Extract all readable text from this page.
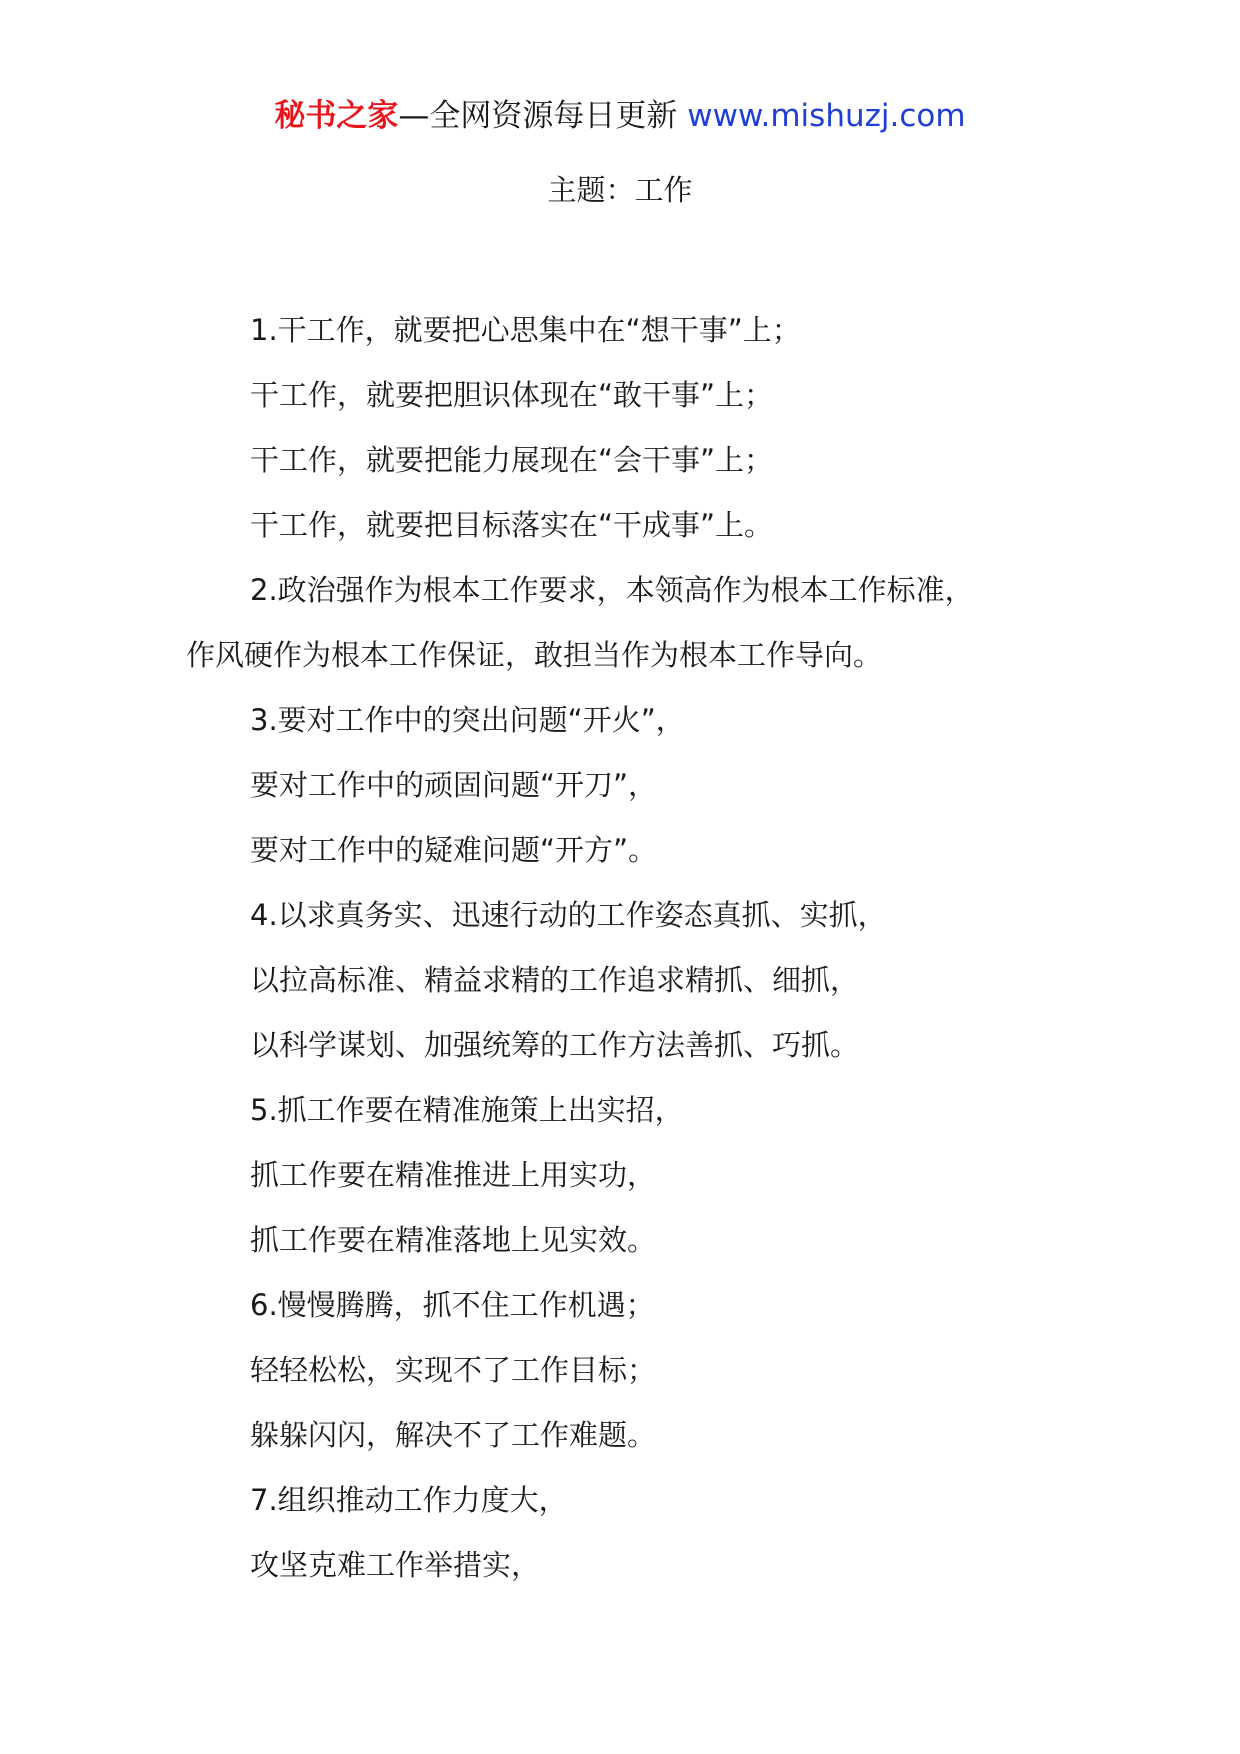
秘书之家—全网资源每日更新 www.mishuzj.com
主题：工作
1.干工作，就要把心思集中在“想干事”上；
干工作，就要把胆识体现在“敢干事”上；
干工作，就要把能力展现在“会干事”上；
干工作，就要把目标落实在“干成事”上。
2.政治强作为根本工作要求，本领高作为根本工作标准，
作风硬作为根本工作保证，敢担当作为根本工作导向。
3.要对工作中的突出问题“开火”，
要对工作中的顽固问题“开刀”，
要对工作中的疑难问题“开方”。
4.以求真务实、迅速行动的工作姿态真抓、实抓，
以拉高标准、精益求精的工作追求精抓、细抓，
以科学谋划、加强统筹的工作方法善抓、巧抓。
5.抓工作要在精准施策上出实招，
抓工作要在精准推进上用实功，
抓工作要在精准落地上见实效。
6.慢慢腾腾，抓不住工作机遇；
轻轻松松，实现不了工作目标；
躲躲闪闪，解决不了工作难题。
7.组织推动工作力度大，
攻坚克难工作举措实，
